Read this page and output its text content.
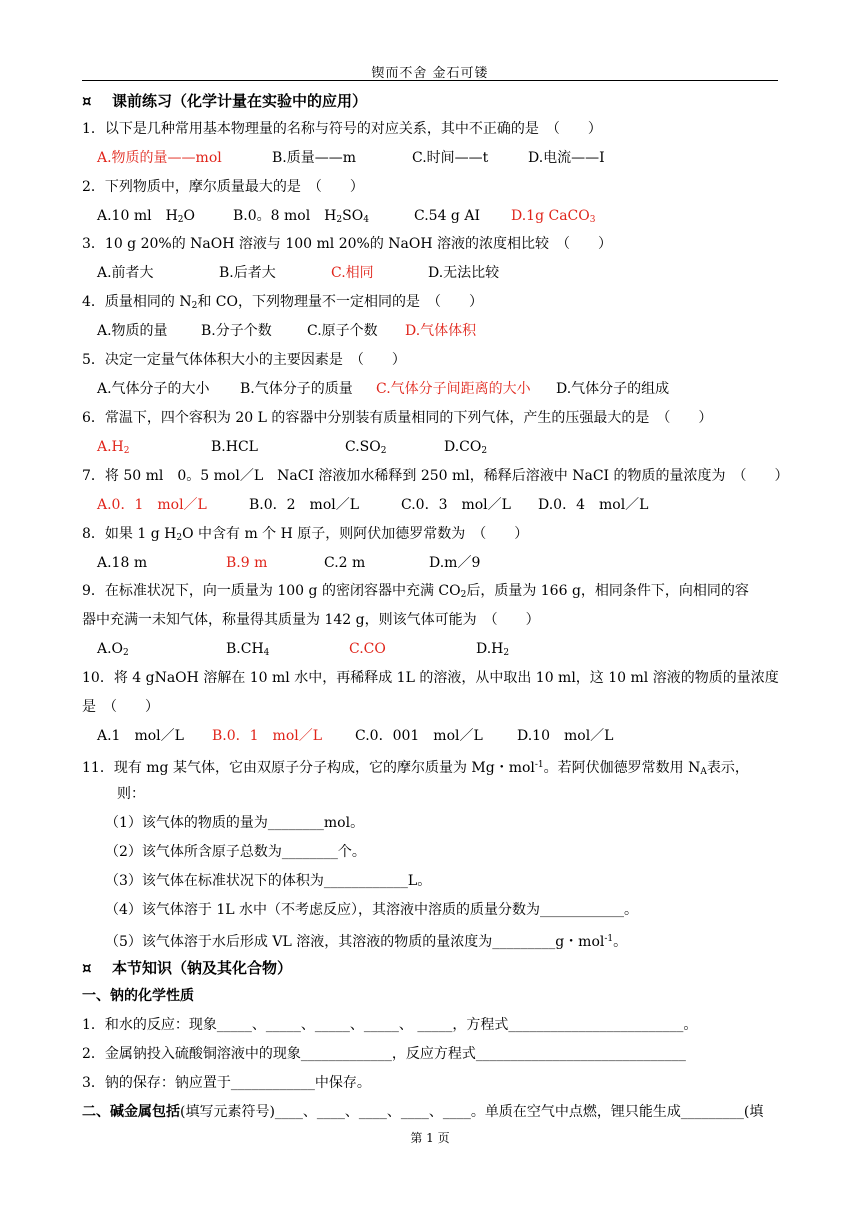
锲而不舍 金石可镂
¤ 课前练习（化学计量在实验中的应用）
1．以下是几种常用基本物理量的名称与符号的对应关系，其中不正确的是　（　　）
A.物质的量——mol	B.质量——m	C.时间——t	D.电流——I
2．下列物质中，摩尔质量最大的是　（　　）
A.10 ml　$H_2O$	B.0。8 mol　$H_2SO_4$	C.54 g AI D.1g CaCO$_3$
3．10 g 20%的 NaOH 溶液与 100 ml 20%的 NaOH 溶液的浓度相比较　（　　）
A.前者大	B.后者大	C.相同	D.无法比较
4．质量相同的 $N_2$和 CO，下列物理量不一定相同的是　（　　）
A.物质的量 B.分子个数	C.原子个数 D.气体体积
5．决定一定量气体体积大小的主要因素是　（　　）
A.气体分子的大小 B.气体分子的质量 C.气体分子间距离的大小 D.气体分子的组成
6．常温下，四个容积为 20 L 的容器中分别装有质量相同的下列气体，产生的压强最大的是　（　　）
$A.H_2$	B.HCL	$C.SO_2$	$D.CO_2$
7．将 50 ml　0。5 mol／L　NaCI 溶液加水稀释到 250 ml，稀释后溶液中 NaCI 的物质的量浓度为　（　　）
A.0．1　mol／L	B.0．2　mol／L	C.0．3　mol／L D.0．4　mol／L
8．如果 1 g $H_2O$ 中含有 m 个 H 原子，则阿伏加德罗常数为　（　　）
A.18 m	B.9 m	C.2 m	D.m／9
9．在标准状况下，向一质量为 100 g 的密闭容器中充满 $CO_2$后，质量为 166 g，相同条件下，向相同的容
器中充满一未知气体，称量得其质量为 142 g，则该气体可能为　（　　）
$A.O_2$	$B.CH_4$	C.CO	$D.H_2$
10．将 4 gNaOH 溶解在 10 ml 水中，再稀释成 1L 的溶液，从中取出 10 ml，这 10 ml 溶液的物质的量浓度
是　（　　）
A.1　mol／L B.0．1　mol／L C.0．001　mol／L D.10　mol／L
11．现有 mg 某气体，它由双原子分子构成，它的摩尔质量为 Mg・mol$^{-1}$。若阿伏伽德罗常数用 $N_A$表示，
则：
（1）该气体的物质的量为________mol。
（2）该气体所含原子总数为________个。
（3）该气体在标准状况下的体积为____________L。
（4）该气体溶于 1L 水中（不考虑反应），其溶液中溶质的质量分数为____________。
（5）该气体溶于水后形成 VL 溶液，其溶液的物质的量浓度为_________g・mol$^{-1}$。
¤ 本节知识（钠及其化合物）
一、钠的化学性质
1．和水的反应：现象_____、_____、_____、_____、 _____，方程式_________________________。
2．金属钠投入硫酸铜溶液中的现象_____________，反应方程式______________________________
3．钠的保存：钠应置于____________中保存。
二、碱金属包括(填写元素符号)____、____、____、____、____。单质在空气中点燃，锂只能生成_________(填
第 1 页
